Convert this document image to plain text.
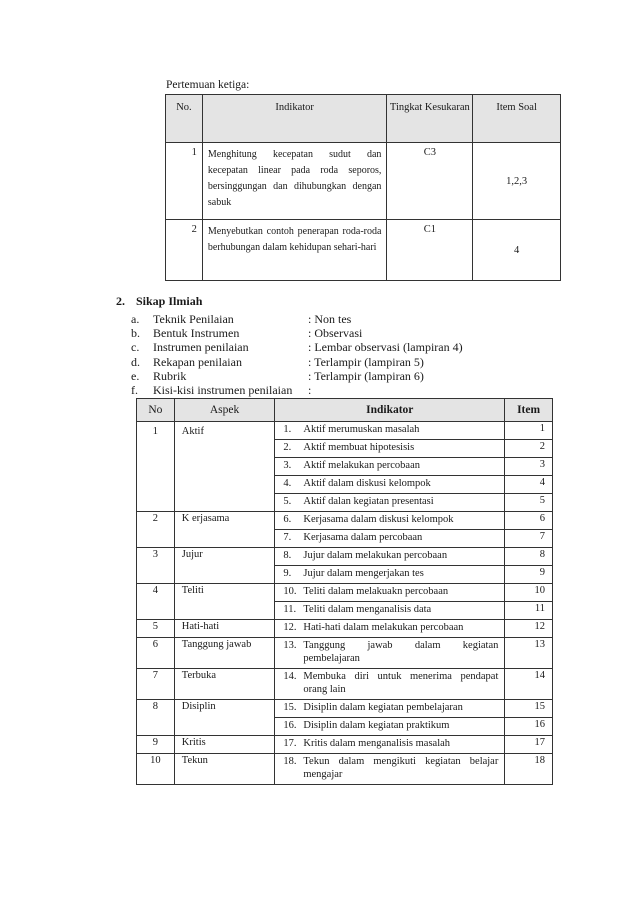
Pertemuan ketiga:
No.	Indikator	Tingkat Kesukaran	Item Soal
1	Menghitung kecepatan sudut dan kecepatan linear pada roda seporos, bersinggungan dan dihubungkan dengan sabuk	C3	1,2,3
2	Menyebutkan contoh penerapan roda-roda berhubungan dalam kehidupan sehari-hari	C1	4
2. Sikap Ilmiah
a. Teknik Penilaian	: Non tes
b. Bentuk Instrumen	: Observasi
c. Instrumen penilaian	: Lembar observasi (lampiran 4)
d. Rekapan penilaian	: Terlampir (lampiran 5)
e. Rubrik	: Terlampir (lampiran 6)
f. Kisi-kisi instrumen penilaian :
No	Aspek	Indikator	Item
1	Aktif	1. Aktif merumuskan masalah	1
		2. Aktif membuat hipotesisis	2
		3. Aktif melakukan percobaan	3
		4. Aktif dalam diskusi kelompok	4
		5. Aktif dalan kegiatan presentasi	5
2	K erjasama	6. Kerjasama dalam diskusi kelompok	6
		7. Kerjasama dalam percobaan	7
3	Jujur	8. Jujur dalam melakukan percobaan	8
		9. Jujur dalam mengerjakan tes	9
4	Teliti	10. Teliti dalam melakuakn percobaan	10
		11. Teliti dalam menganalisis data	11
5	Hati-hati	12. Hati-hati dalam melakukan percobaan	12
6	Tanggung jawab	13. Tanggung jawab dalam kegiatan pembelajaran	13
7	Terbuka	14. Membuka diri untuk menerima pendapat orang lain	14
8	Disiplin	15. Disiplin dalam kegiatan pembelajaran	15
		16. Disiplin dalam kegiatan praktikum	16
9	Kritis	17. Kritis dalam menganalisis masalah	17
10	Tekun	18. Tekun dalam mengikuti kegiatan belajar mengajar	18
